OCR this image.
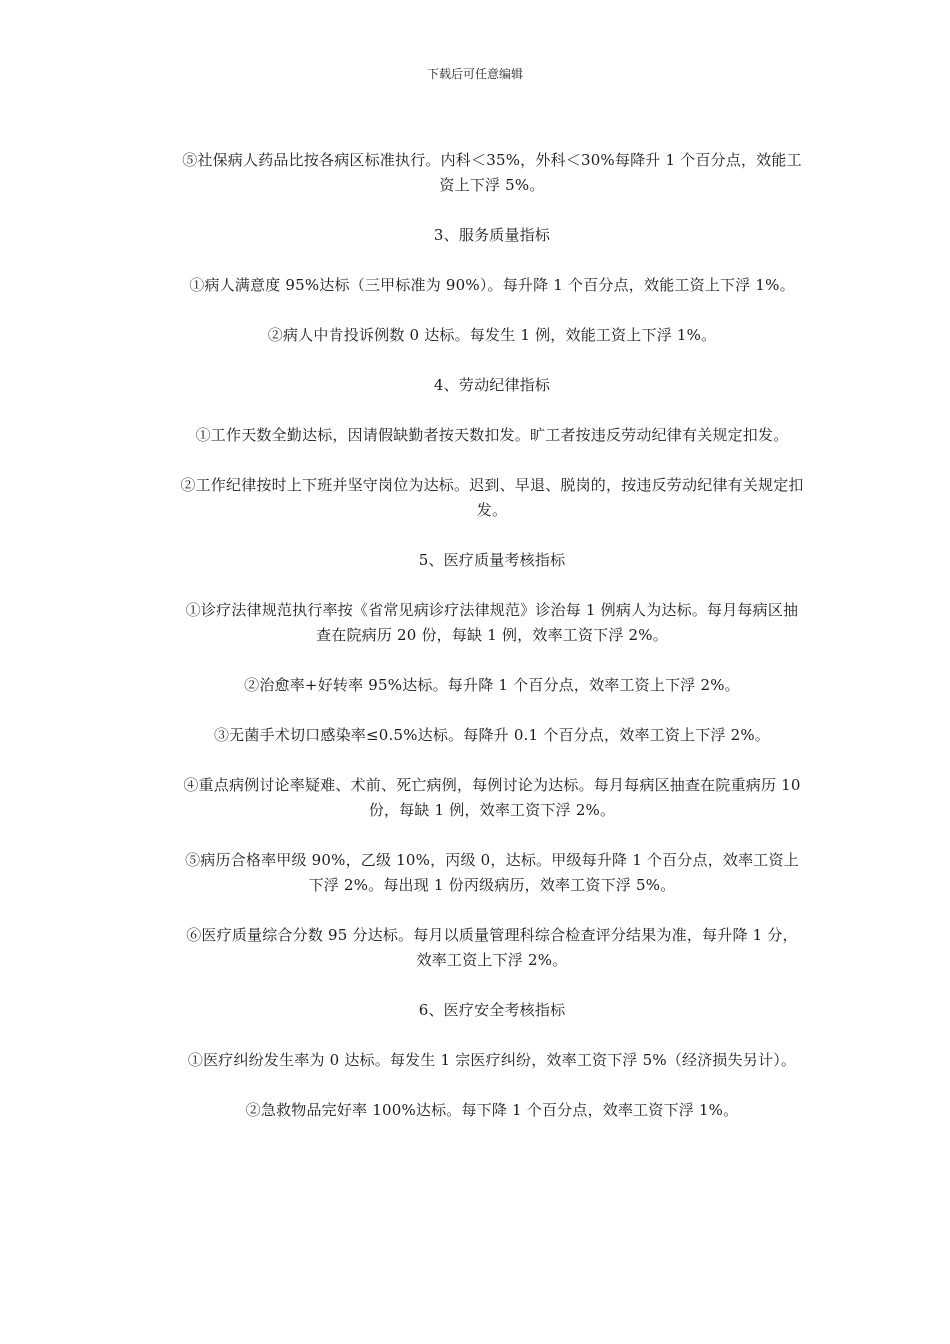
下载后可任意编辑

⑤社保病人药品比按各病区标准执行。内科＜35%，外科＜30%每降升 1 个百分点，效能工资上下浮 5%。

3、服务质量指标

①病人满意度 95%达标（三甲标准为 90%）。每升降 1 个百分点，效能工资上下浮 1%。

②病人中肯投诉例数 0 达标。每发生 1 例，效能工资上下浮 1%。

4、劳动纪律指标

①工作天数全勤达标，因请假缺勤者按天数扣发。旷工者按违反劳动纪律有关规定扣发。

②工作纪律按时上下班并坚守岗位为达标。迟到、早退、脱岗的，按违反劳动纪律有关规定扣发。

5、医疗质量考核指标

①诊疗法律规范执行率按《省常见病诊疗法律规范》诊治每 1 例病人为达标。每月每病区抽查在院病历 20 份，每缺 1 例，效率工资下浮 2%。

②治愈率+好转率 95%达标。每升降 1 个百分点，效率工资上下浮 2%。

③无菌手术切口感染率≤0.5%达标。每降升 0.1 个百分点，效率工资上下浮 2%。

④重点病例讨论率疑难、术前、死亡病例，每例讨论为达标。每月每病区抽查在院重病历 10 份，每缺 1 例，效率工资下浮 2%。

⑤病历合格率甲级 90%，乙级 10%，丙级 0，达标。甲级每升降 1 个百分点，效率工资上下浮 2%。每出现 1 份丙级病历，效率工资下浮 5%。

⑥医疗质量综合分数 95 分达标。每月以质量管理科综合检查评分结果为准，每升降 1 分，效率工资上下浮 2%。

6、医疗安全考核指标

①医疗纠纷发生率为 0 达标。每发生 1 宗医疗纠纷，效率工资下浮 5%（经济损失另计）。

②急救物品完好率 100%达标。每下降 1 个百分点，效率工资下浮 1%。
